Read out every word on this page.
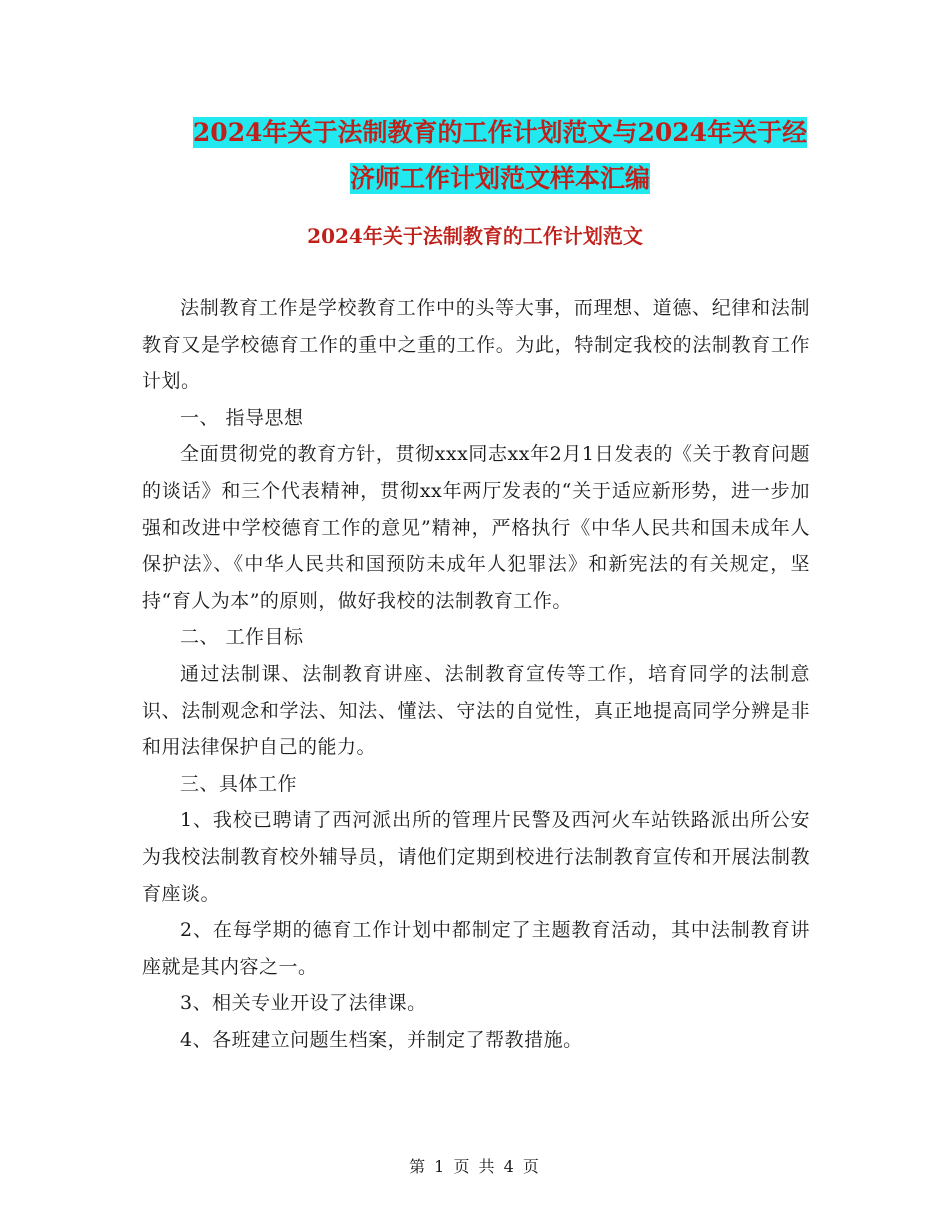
2024年关于法制教育的工作计划范文与2024年关于经
济师工作计划范文样本汇编
2024年关于法制教育的工作计划范文

法制教育工作是学校教育工作中的头等大事，而理想、道德、纪律和法制教育又是学校德育工作的重中之重的工作。为此，特制定我校的法制教育工作计划。

一、 指导思想

全面贯彻党的教育方针，贯彻xxx同志xx年2月1日发表的《关于教育问题的谈话》和三个代表精神，贯彻xx年两厅发表的“关于适应新形势，进一步加强和改进中学校德育工作的意见”精神，严格执行《中华人民共和国未成年人保护法》、《中华人民共和国预防未成年人犯罪法》和新宪法的有关规定，坚持“育人为本”的原则，做好我校的法制教育工作。

二、 工作目标

通过法制课、法制教育讲座、法制教育宣传等工作，培育同学的法制意识、法制观念和学法、知法、懂法、守法的自觉性，真正地提高同学分辨是非和用法律保护自己的能力。

三、具体工作

1、我校已聘请了西河派出所的管理片民警及西河火车站铁路派出所公安为我校法制教育校外辅导员，请他们定期到校进行法制教育宣传和开展法制教育座谈。

2、在每学期的德育工作计划中都制定了主题教育活动，其中法制教育讲座就是其内容之一。

3、相关专业开设了法律课。

4、各班建立问题生档案，并制定了帮教措施。

第 1 页 共 4 页
